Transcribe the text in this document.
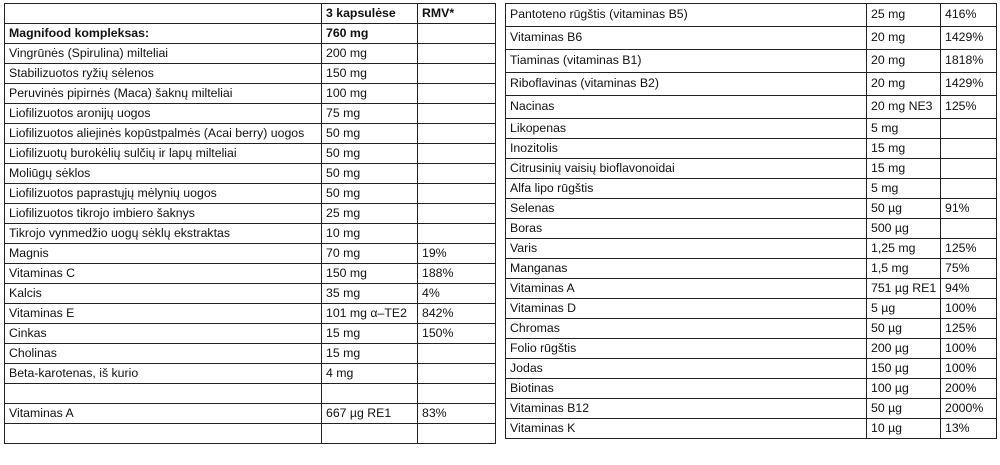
	3 kapsulėse	RMV*
Magnifood kompleksas:	760 mg	
Vingrūnės (Spirulina) milteliai	200 mg	
Stabilizuotos ryžių sėlenos	150 mg	
Peruvinės pipirnės (Maca) šaknų milteliai	100 mg	
Liofilizuotos aronijų uogos	75 mg	
Liofilizuotos aliejinės kopūstpalmės (Acai berry) uogos	50 mg	
Liofilizuotų burokėlių sulčių ir lapų milteliai	50 mg	
Moliūgų sėklos	50 mg	
Liofilizuotos paprastųjų mėlynių uogos	50 mg	
Liofilizuotos tikrojo imbiero šaknys	25 mg	
Tikrojo vynmedžio uogų sėklų ekstraktas	10 mg	
Magnis	70 mg	19%
Vitaminas C	150 mg	188%
Kalcis	35 mg	4%
Vitaminas E	101 mg α–TE2	842%
Cinkas	15 mg	150%
Cholinas	15 mg	
Beta-karotenas, iš kurio	4 mg	

Vitaminas A	667 µg RE1	83%

Pantoteno rūgštis (vitaminas B5)	25 mg	416%
Vitaminas B6	20 mg	1429%
Tiaminas (vitaminas B1)	20 mg	1818%
Riboflavinas (vitaminas B2)	20 mg	1429%
Nacinas	20 mg NE3	125%
Likopenas	5 mg	
Inozitolis	15 mg	
Citrusinių vaisių bioflavonoidai	15 mg	
Alfa lipo rūgštis	5 mg	
Selenas	50 µg	91%
Boras	500 µg	
Varis	1,25 mg	125%
Manganas	1,5 mg	75%
Vitaminas A	751 µg RE1	94%
Vitaminas D	5 µg	100%
Chromas	50 µg	125%
Folio rūgštis	200 µg	100%
Jodas	150 µg	100%
Biotinas	100 µg	200%
Vitaminas B12	50 µg	2000%
Vitaminas K	10 µg	13%
